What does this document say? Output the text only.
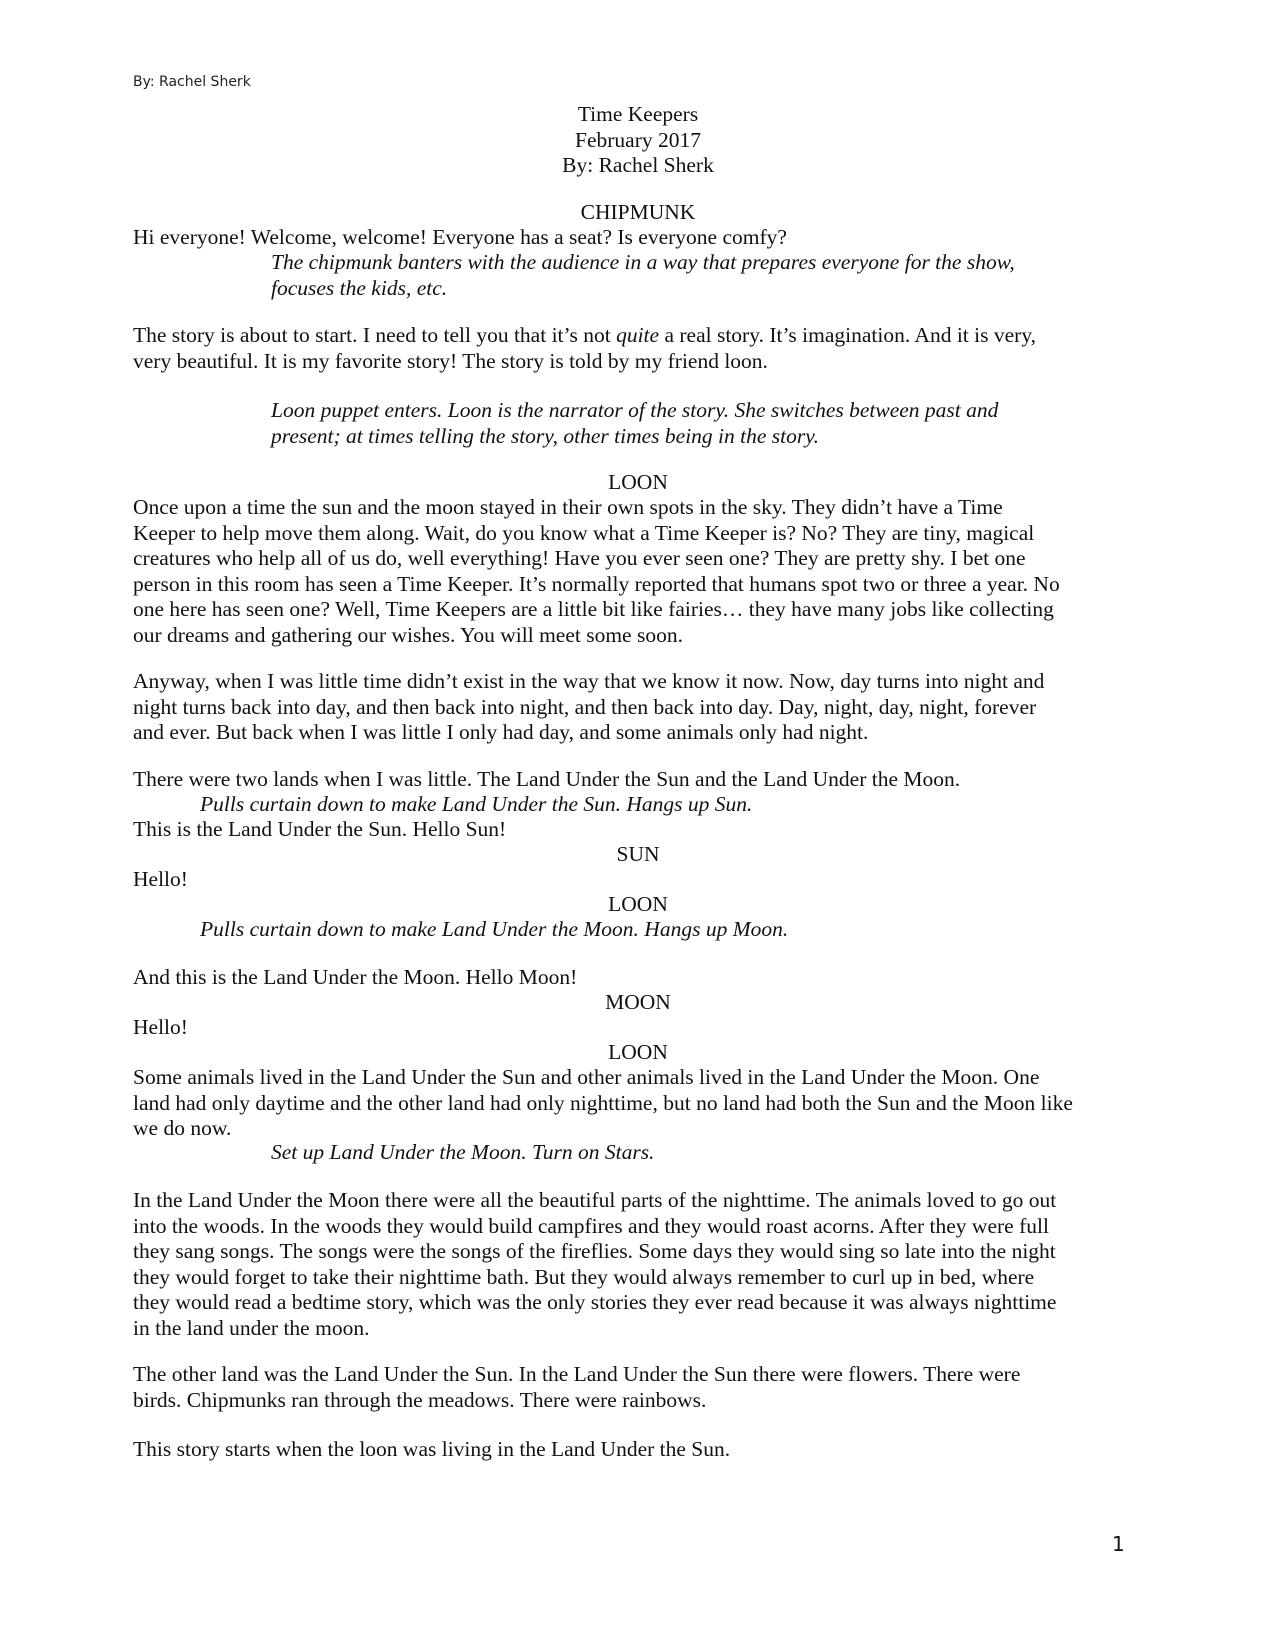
By: Rachel Sherk
Time Keepers
February 2017
By: Rachel Sherk
CHIPMUNK
Hi everyone! Welcome, welcome! Everyone has a seat? Is everyone comfy?
The chipmunk banters with the audience in a way that prepares everyone for the show,
focuses the kids, etc.
The story is about to start. I need to tell you that it’s not quite a real story. It’s imagination. And it is very,
very beautiful. It is my favorite story! The story is told by my friend loon.
Loon puppet enters. Loon is the narrator of the story. She switches between past and
present; at times telling the story, other times being in the story.
LOON
Once upon a time the sun and the moon stayed in their own spots in the sky. They didn’t have a Time
Keeper to help move them along. Wait, do you know what a Time Keeper is? No? They are tiny, magical
creatures who help all of us do, well everything! Have you ever seen one? They are pretty shy. I bet one
person in this room has seen a Time Keeper. It’s normally reported that humans spot two or three a year. No
one here has seen one? Well, Time Keepers are a little bit like fairies… they have many jobs like collecting
our dreams and gathering our wishes. You will meet some soon.
Anyway, when I was little time didn’t exist in the way that we know it now. Now, day turns into night and
night turns back into day, and then back into night, and then back into day. Day, night, day, night, forever
and ever. But back when I was little I only had day, and some animals only had night.
There were two lands when I was little. The Land Under the Sun and the Land Under the Moon.
Pulls curtain down to make Land Under the Sun. Hangs up Sun.
This is the Land Under the Sun. Hello Sun!
SUN
Hello!
LOON
Pulls curtain down to make Land Under the Moon. Hangs up Moon.
And this is the Land Under the Moon. Hello Moon!
MOON
Hello!
LOON
Some animals lived in the Land Under the Sun and other animals lived in the Land Under the Moon. One
land had only daytime and the other land had only nighttime, but no land had both the Sun and the Moon like
we do now.
Set up Land Under the Moon. Turn on Stars.
In the Land Under the Moon there were all the beautiful parts of the nighttime. The animals loved to go out
into the woods. In the woods they would build campfires and they would roast acorns. After they were full
they sang songs. The songs were the songs of the fireflies. Some days they would sing so late into the night
they would forget to take their nighttime bath. But they would always remember to curl up in bed, where
they would read a bedtime story, which was the only stories they ever read because it was always nighttime
in the land under the moon.
The other land was the Land Under the Sun. In the Land Under the Sun there were flowers. There were
birds. Chipmunks ran through the meadows. There were rainbows.
This story starts when the loon was living in the Land Under the Sun.
1
